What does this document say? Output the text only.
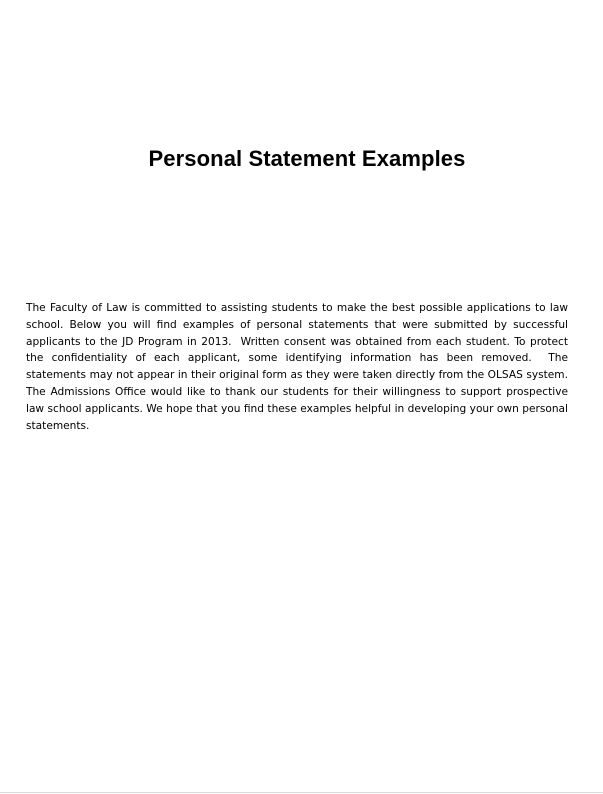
Personal Statement Examples

The Faculty of Law is committed to assisting students to make the best possible applications to law school. Below you will find examples of personal statements that were submitted by successful applicants to the JD Program in 2013.  Written consent was obtained from each student. To protect the confidentiality of each applicant, some identifying information has been removed.  The statements may not appear in their original form as they were taken directly from the OLSAS system. The Admissions Office would like to thank our students for their willingness to support prospective law school applicants. We hope that you find these examples helpful in developing your own personal statements.
